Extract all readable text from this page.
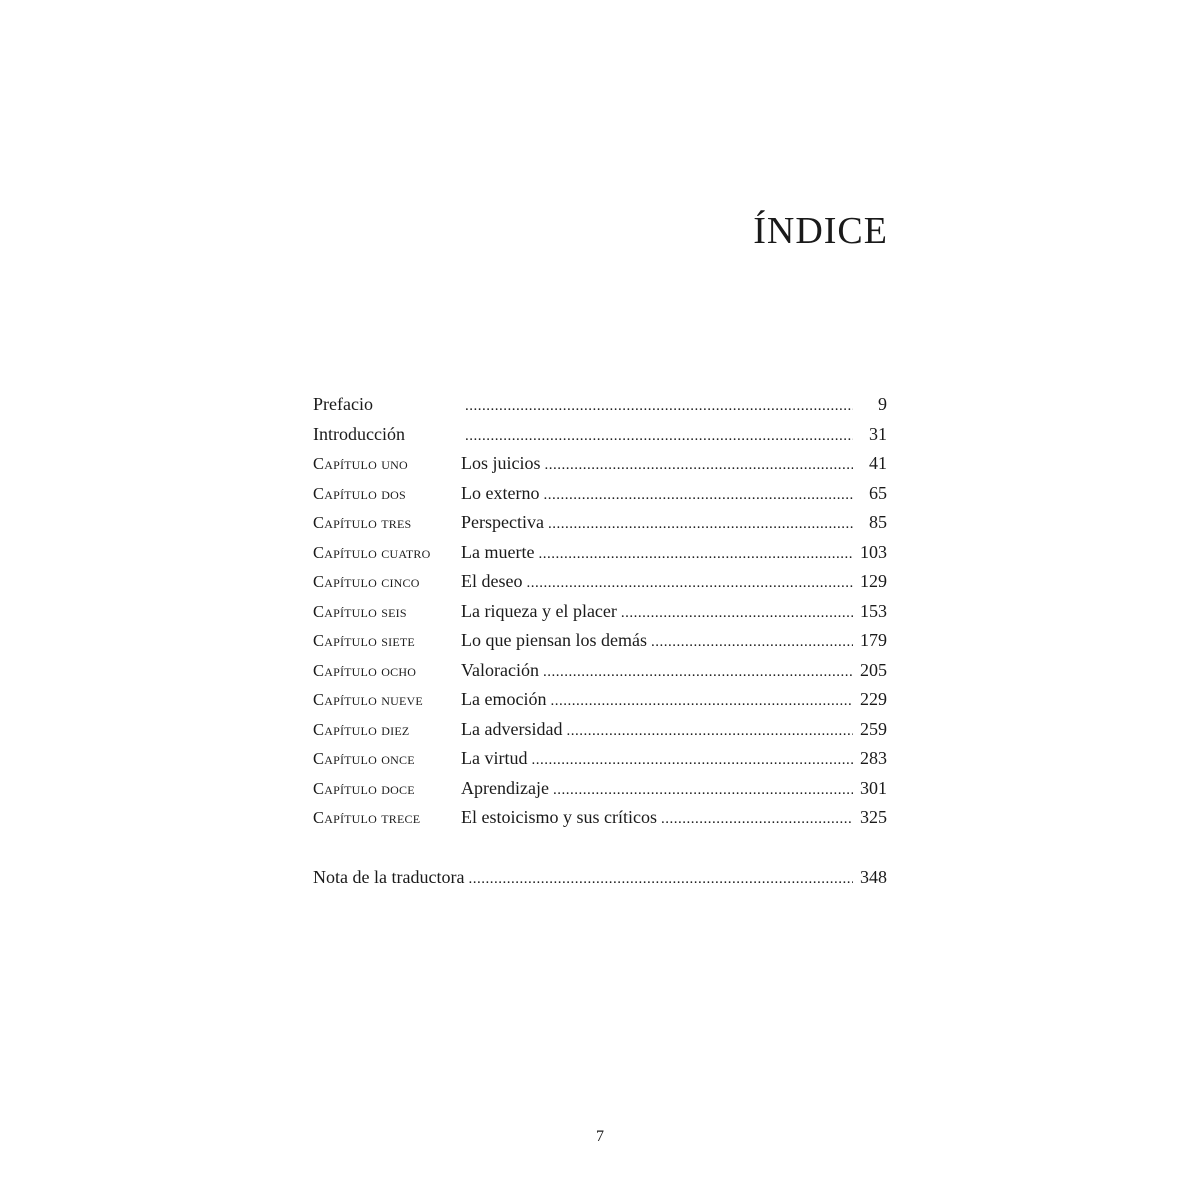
ÍNDICE
Prefacio .....	9
Introducción .....	31
Capítulo uno	Los juicios .....	41
Capítulo dos	Lo externo .....	65
Capítulo tres	Perspectiva .....	85
Capítulo cuatro	La muerte .....	103
Capítulo cinco	El deseo .....	129
Capítulo seis	La riqueza y el placer .....	153
Capítulo siete	Lo que piensan los demás .....	179
Capítulo ocho	Valoración .....	205
Capítulo nueve	La emoción .....	229
Capítulo diez	La adversidad .....	259
Capítulo once	La virtud .....	283
Capítulo doce	Aprendizaje .....	301
Capítulo trece	El estoicismo y sus críticos .....	325
Nota de la traductora .....	348
7
